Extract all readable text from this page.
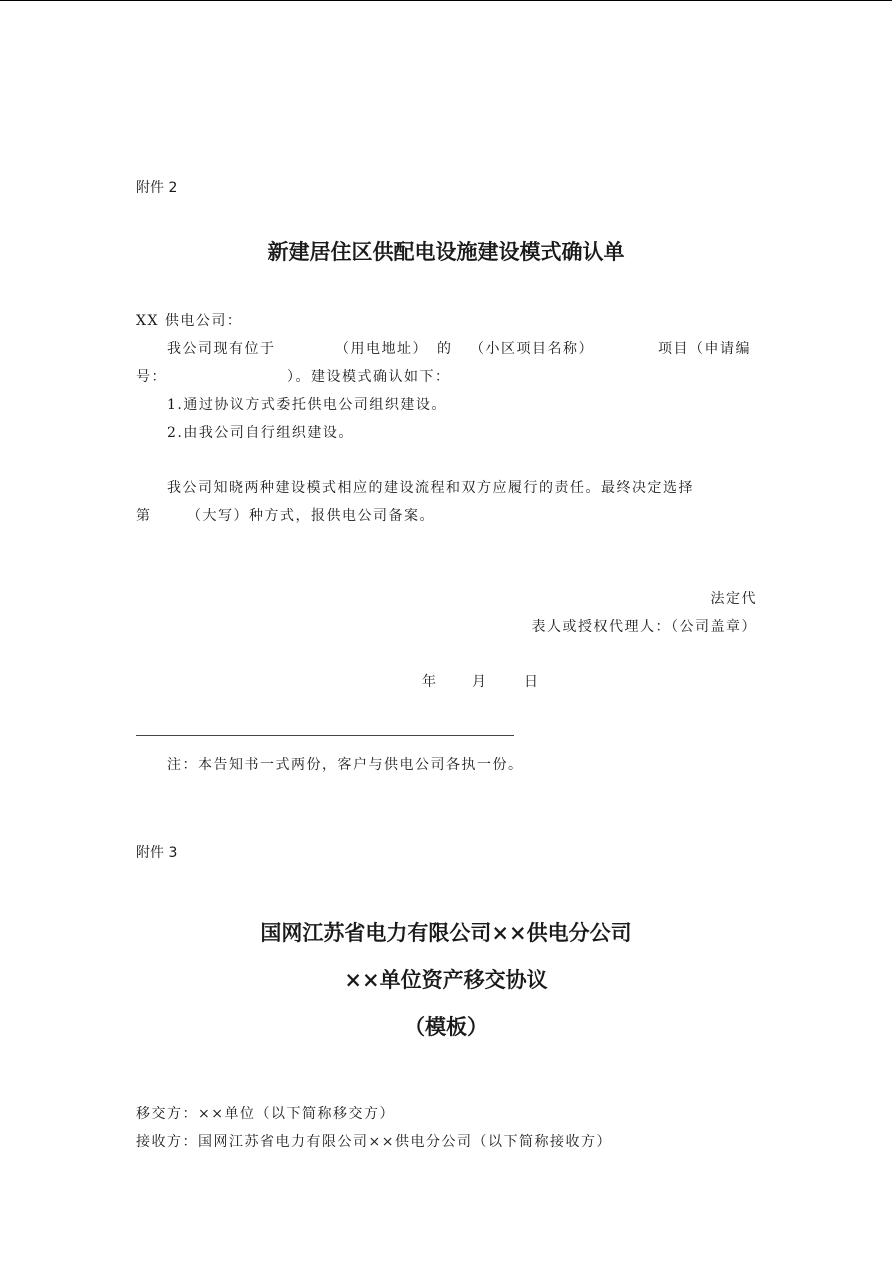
附件 2
新建居住区供配电设施建设模式确认单
XX 供电公司：
我公司现有位于	（用电地址） 的 （小区项目名称）	项目（申请编
号：	）。建设模式确认如下：
1.通过协议方式委托供电公司组织建设。
2.由我公司自行组织建设。
我公司知晓两种建设模式相应的建设流程和双方应履行的责任。最终决定选择
第	（大写）种方式，报供电公司备案。
法定代
表人或授权代理人：（公司盖章）
年 月	日
注：本告知书一式两份，客户与供电公司各执一份。
附件 3
国网江苏省电力有限公司××供电分公司
××单位资产移交协议
（模板）
移交方：××单位（以下简称移交方）
接收方：国网江苏省电力有限公司××供电分公司（以下简称接收方）
